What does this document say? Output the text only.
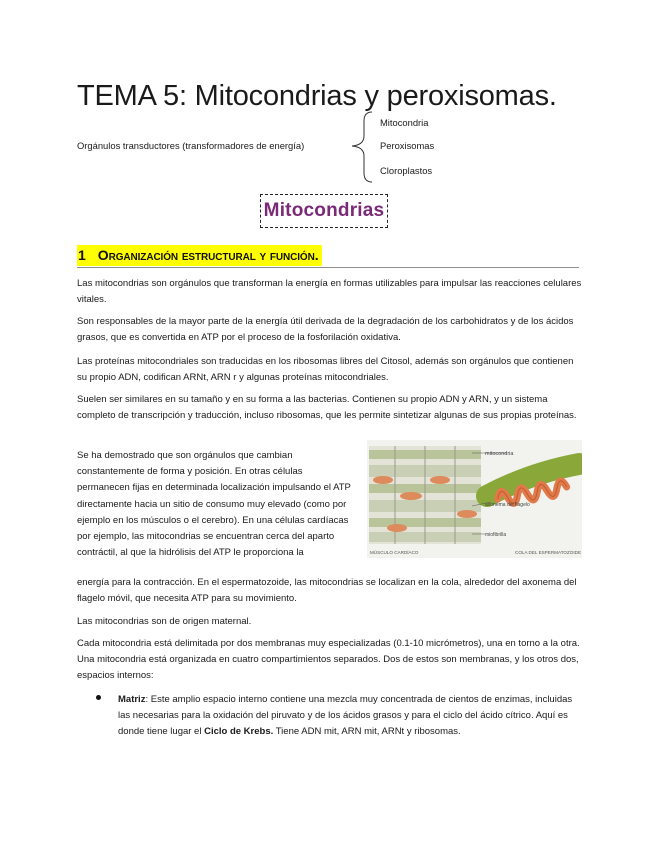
TEMA 5: Mitocondrias y peroxisomas.
Orgánulos transductores (transformadores de energía)
Mitocondria
Peroxisomas
Cloroplastos
Mitocondrias
1 Organización estructural y función.

Las mitocondrias son orgánulos que transforman la energía en formas utilizables para impulsar las reacciones celulares vitales.

Son responsables de la mayor parte de la energía útil derivada de la degradación de los carbohidratos y de los ácidos grasos, que es convertida en ATP por el proceso de la fosforilación oxidativa.

Las proteínas mitocondriales son traducidas en los ribosomas libres del Citosol, además son orgánulos que contienen su propio ADN, codifican ARNt, ARN r y algunas proteínas mitocondriales.

Suelen ser similares en su tamaño y en su forma a las bacterias. Contienen su propio ADN y ARN, y un sistema completo de transcripción y traducción, incluso ribosomas, que les permite sintetizar algunas de sus propias proteínas.

Se ha demostrado que son orgánulos que cambian constantemente de forma y posición. En otras células permanecen fijas en determinada localización impulsando el ATP directamente hacia un sitio de consumo muy elevado (como por ejemplo en los músculos o el cerebro). En una células cardíacas por ejemplo, las mitocondrias se encuentran cerca del aparto contráctil, al que la hidrólisis del ATP le proporciona la

energía para la contracción. En el espermatozoide, las mitocondrias se localizan en la cola, alrededor del axonema del flagelo móvil, que necesita ATP para su movimiento.

mitocondria
axonema del flagelo
miofibrilla
MÚSCULO CARDÍACO	COLA DEL ESPERMATOZOIDE

Las mitocondrias son de origen maternal.

Cada mitocondria está delimitada por dos membranas muy especializadas (0.1-10 micrómetros), una en torno a la otra. Una mitocondria está organizada en cuatro compartimientos separados. Dos de estos son membranas, y los otros dos, espacios internos:

Matriz: Este amplio espacio interno contiene una mezcla muy concentrada de cientos de enzimas, incluidas las necesarias para la oxidación del piruvato y de los ácidos grasos y para el ciclo del ácido cítrico. Aquí es donde tiene lugar el Ciclo de Krebs. Tiene ADN mit, ARN mit, ARNt y ribosomas.
